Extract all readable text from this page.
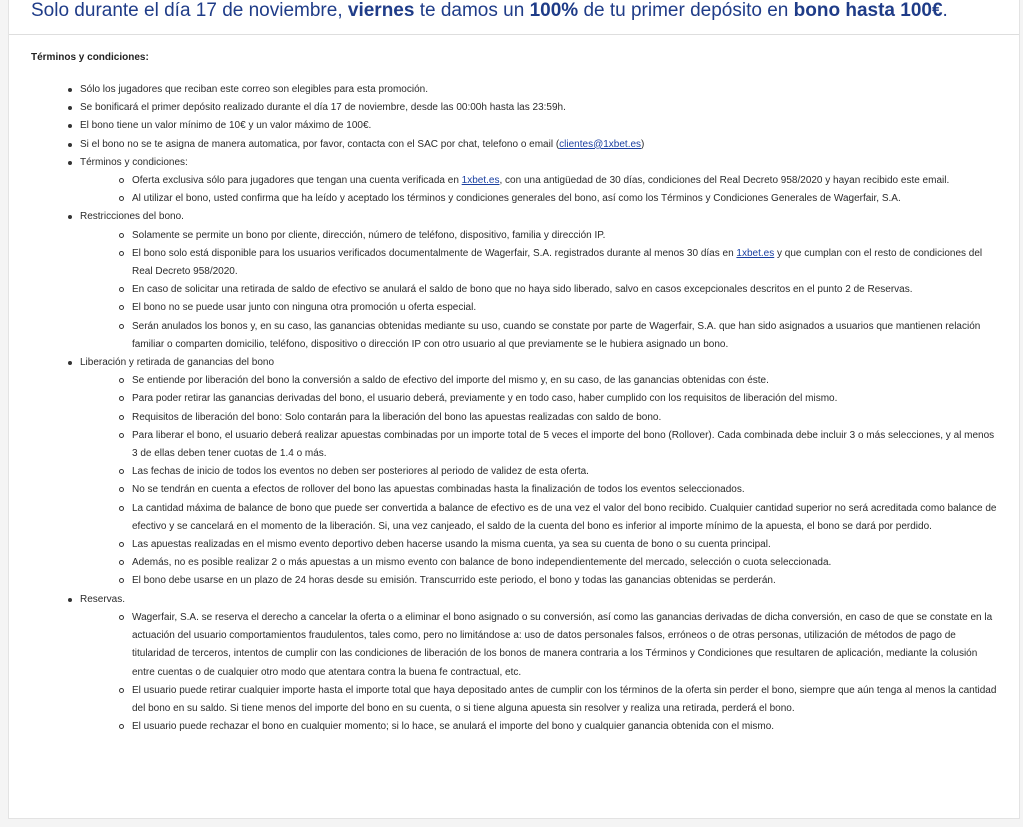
Solo durante el día 17 de noviembre, viernes te damos un 100% de tu primer depósito en bono hasta 100€.
Términos y condiciones:
Sólo los jugadores que reciban este correo son elegibles para esta promoción.
Se bonificará el primer depósito realizado durante el día 17 de noviembre, desde las 00:00h hasta las 23:59h.
El bono tiene un valor mínimo de 10€ y un valor máximo de 100€.
Si el bono no se te asigna de manera automatica, por favor, contacta con el SAC por chat, telefono o email (clientes@1xbet.es)
Términos y condiciones:
Oferta exclusiva sólo para jugadores que tengan una cuenta verificada en 1xbet.es, con una antigüedad de 30 días, condiciones del Real Decreto 958/2020 y hayan recibido este email.
Al utilizar el bono, usted confirma que ha leído y aceptado los términos y condiciones generales del bono, así como los Términos y Condiciones Generales de Wagerfair, S.A.
Restricciones del bono.
Solamente se permite un bono por cliente, dirección, número de teléfono, dispositivo, familia y dirección IP.
El bono solo está disponible para los usuarios verificados documentalmente de Wagerfair, S.A. registrados durante al menos 30 días en 1xbet.es y que cumplan con el resto de condiciones del Real Decreto 958/2020.
En caso de solicitar una retirada de saldo de efectivo se anulará el saldo de bono que no haya sido liberado, salvo en casos excepcionales descritos en el punto 2 de Reservas.
El bono no se puede usar junto con ninguna otra promoción u oferta especial.
Serán anulados los bonos y, en su caso, las ganancias obtenidas mediante su uso, cuando se constate por parte de Wagerfair, S.A. que han sido asignados a usuarios que mantienen relación familiar o comparten domicilio, teléfono, dispositivo o dirección IP con otro usuario al que previamente se le hubiera asignado un bono.
Liberación y retirada de ganancias del bono
Se entiende por liberación del bono la conversión a saldo de efectivo del importe del mismo y, en su caso, de las ganancias obtenidas con éste.
Para poder retirar las ganancias derivadas del bono, el usuario deberá, previamente y en todo caso, haber cumplido con los requisitos de liberación del mismo.
Requisitos de liberación del bono: Solo contarán para la liberación del bono las apuestas realizadas con saldo de bono.
Para liberar el bono, el usuario deberá realizar apuestas combinadas por un importe total de 5 veces el importe del bono (Rollover). Cada combinada debe incluir 3 o más selecciones, y al menos 3 de ellas deben tener cuotas de 1.4 o más.
Las fechas de inicio de todos los eventos no deben ser posteriores al periodo de validez de esta oferta.
No se tendrán en cuenta a efectos de rollover del bono las apuestas combinadas hasta la finalización de todos los eventos seleccionados.
La cantidad máxima de balance de bono que puede ser convertida a balance de efectivo es de una vez el valor del bono recibido. Cualquier cantidad superior no será acreditada como balance de efectivo y se cancelará en el momento de la liberación. Si, una vez canjeado, el saldo de la cuenta del bono es inferior al importe mínimo de la apuesta, el bono se dará por perdido.
Las apuestas realizadas en el mismo evento deportivo deben hacerse usando la misma cuenta, ya sea su cuenta de bono o su cuenta principal.
Además, no es posible realizar 2 o más apuestas a un mismo evento con balance de bono independientemente del mercado, selección o cuota seleccionada.
El bono debe usarse en un plazo de 24 horas desde su emisión. Transcurrido este periodo, el bono y todas las ganancias obtenidas se perderán.
Reservas.
Wagerfair, S.A. se reserva el derecho a cancelar la oferta o a eliminar el bono asignado o su conversión, así como las ganancias derivadas de dicha conversión, en caso de que se constate en la actuación del usuario comportamientos fraudulentos, tales como, pero no limitándose a: uso de datos personales falsos, erróneos o de otras personas, utilización de métodos de pago de titularidad de terceros, intentos de cumplir con las condiciones de liberación de los bonos de manera contraria a los Términos y Condiciones que resultaren de aplicación, mediante la colusión entre cuentas o de cualquier otro modo que atentara contra la buena fe contractual, etc.
El usuario puede retirar cualquier importe hasta el importe total que haya depositado antes de cumplir con los términos de la oferta sin perder el bono, siempre que aún tenga al menos la cantidad del bono en su saldo. Si tiene menos del importe del bono en su cuenta, o si tiene alguna apuesta sin resolver y realiza una retirada, perderá el bono.
El usuario puede rechazar el bono en cualquier momento; si lo hace, se anulará el importe del bono y cualquier ganancia obtenida con el mismo.
